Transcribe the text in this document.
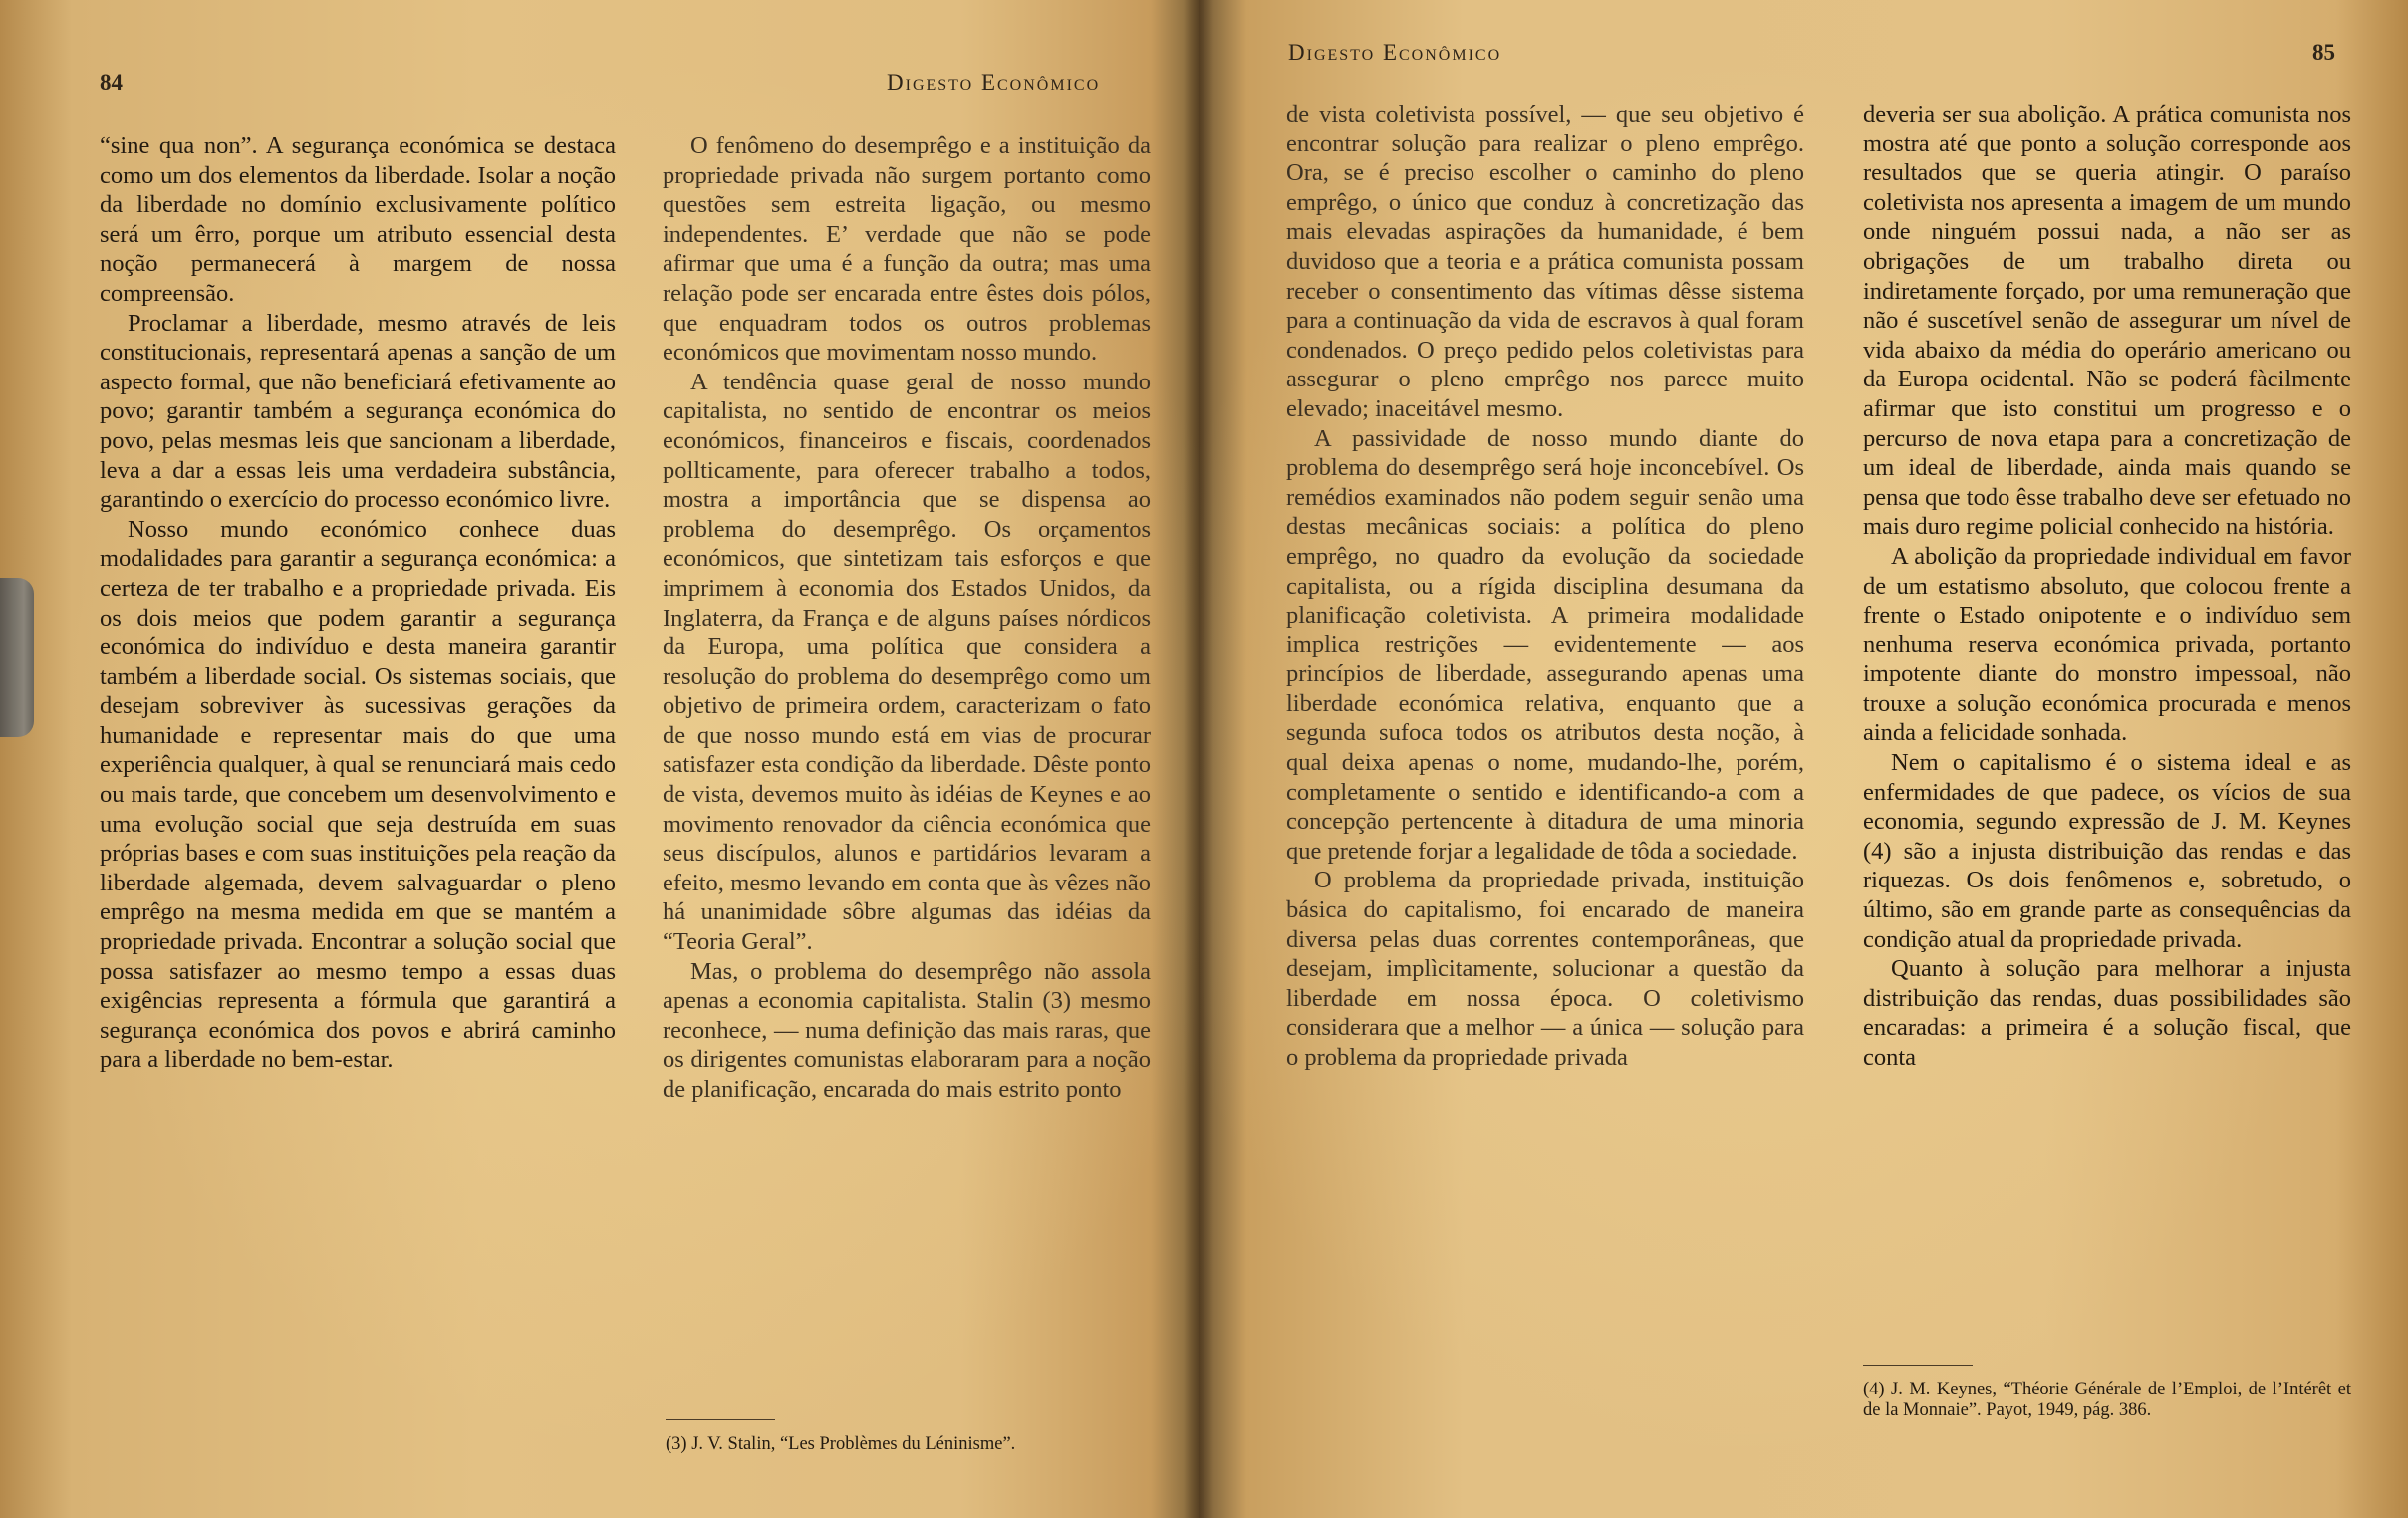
84	Digesto Econômico

“sine qua non”. A segurança económica se destaca como um dos elementos da liberdade. Isolar a noção da liberdade no domínio exclusivamente político será um êrro, porque um atributo essencial desta noção permanecerá à margem de nossa compreensão.

Proclamar a liberdade, mesmo através de leis constitucionais, representará apenas a sanção de um aspecto formal, que não beneficiará efetivamente ao povo; garantir também a segurança económica do povo, pelas mesmas leis que sancionam a liberdade, leva a dar a essas leis uma verdadeira substância, garantindo o exercício do processo económico livre.

Nosso mundo económico conhece duas modalidades para garantir a segurança económica: a certeza de ter trabalho e a propriedade privada. Eis os dois meios que podem garantir a segurança económica do indivíduo e desta maneira garantir também a liberdade social. Os sistemas sociais, que desejam sobreviver às sucessivas gerações da humanidade e representar mais do que uma experiência qualquer, à qual se renunciará mais cedo ou mais tarde, que concebem um desenvolvimento e uma evolução social que seja destruída em suas próprias bases e com suas instituições pela reação da liberdade algemada, devem salvaguardar o pleno emprêgo na mesma medida em que se mantém a propriedade privada. Encontrar a solução social que possa satisfazer ao mesmo tempo a essas duas exigências representa a fórmula que garantirá a segurança económica dos povos e abrirá caminho para a liberdade no bem-estar.

O fenômeno do desemprêgo e a instituição da propriedade privada não surgem portanto como questões sem estreita ligação, ou mesmo independentes. E’ verdade que não se pode afirmar que uma é a função da outra; mas uma relação pode ser encarada entre êstes dois pólos, que enquadram todos os outros problemas económicos que movimentam nosso mundo.

A tendência quase geral de nosso mundo capitalista, no sentido de encontrar os meios económicos, financeiros e fiscais, coordenados pollticamente, para oferecer trabalho a todos, mostra a importância que se dispensa ao problema do desemprêgo. Os orçamentos económicos, que sintetizam tais esforços e que imprimem à economia dos Estados Unidos, da Inglaterra, da França e de alguns países nórdicos da Europa, uma política que considera a resolução do problema do desemprêgo como um objetivo de primeira ordem, caracterizam o fato de que nosso mundo está em vias de procurar satisfazer esta condição da liberdade. Dêste ponto de vista, devemos muito às idéias de Keynes e ao movimento renovador da ciência económica que seus discípulos, alunos e partidários levaram a efeito, mesmo levando em conta que às vêzes não há unanimidade sôbre algumas das idéias da “Teoria Geral”.

Mas, o problema do desemprêgo não assola apenas a economia capitalista. Stalin (3) mesmo reconhece, — numa definição das mais raras, que os dirigentes comunistas elaboraram para a noção de planificação, encarada do mais estrito ponto

(3) J. V. Stalin, “Les Problèmes du Léninisme”.
Digesto Econômico	85

de vista coletivista possível, — que seu objetivo é encontrar solução para realizar o pleno emprêgo. Ora, se é preciso escolher o caminho do pleno emprêgo, o único que conduz à concretização das mais elevadas aspirações da humanidade, é bem duvidoso que a teoria e a prática comunista possam receber o consentimento das vítimas dêsse sistema para a continuação da vida de escravos à qual foram condenados. O preço pedido pelos coletivistas para assegurar o pleno emprêgo nos parece muito elevado; inaceitável mesmo.

A passividade de nosso mundo diante do problema do desemprêgo será hoje inconcebível. Os remédios examinados não podem seguir senão uma destas mecânicas sociais: a política do pleno emprêgo, no quadro da evolução da sociedade capitalista, ou a rígida disciplina desumana da planificação coletivista. A primeira modalidade implica restrições — evidentemente — aos princípios de liberdade, assegurando apenas uma liberdade económica relativa, enquanto que a segunda sufoca todos os atributos desta noção, à qual deixa apenas o nome, mudando-lhe, porém, completamente o sentido e identificando-a com a concepção pertencente à ditadura de uma minoria que pretende forjar a legalidade de tôda a sociedade.

O problema da propriedade privada, instituição básica do capitalismo, foi encarado de maneira diversa pelas duas correntes contemporâneas, que desejam, implìcitamente, solucionar a questão da liberdade em nossa época. O coletivismo considerara que a melhor — a única — solução para o problema da propriedade privada

deveria ser sua abolição. A prática comunista nos mostra até que ponto a solução corresponde aos resultados que se queria atingir. O paraíso coletivista nos apresenta a imagem de um mundo onde ninguém possui nada, a não ser as obrigações de um trabalho direta ou indiretamente forçado, por uma remuneração que não é suscetível senão de assegurar um nível de vida abaixo da média do operário americano ou da Europa ocidental. Não se poderá fàcilmente afirmar que isto constitui um progresso e o percurso de nova etapa para a concretização de um ideal de liberdade, ainda mais quando se pensa que todo êsse trabalho deve ser efetuado no mais duro regime policial conhecido na história.

A abolição da propriedade individual em favor de um estatismo absoluto, que colocou frente a frente o Estado onipotente e o indivíduo sem nenhuma reserva económica privada, portanto impotente diante do monstro impessoal, não trouxe a solução económica procurada e menos ainda a felicidade sonhada.

Nem o capitalismo é o sistema ideal e as enfermidades de que padece, os vícios de sua economia, segundo expressão de J. M. Keynes (4) são a injusta distribuição das rendas e das riquezas. Os dois fenômenos e, sobretudo, o último, são em grande parte as consequências da condição atual da propriedade privada.

Quanto à solução para melhorar a injusta distribuição das rendas, duas possibilidades são encaradas: a primeira é a solução fiscal, que conta

(4) J. M. Keynes, “Théorie Générale de l’Emploi, de l’Intérêt et de la Monnaie”. Payot, 1949, pág. 386.
